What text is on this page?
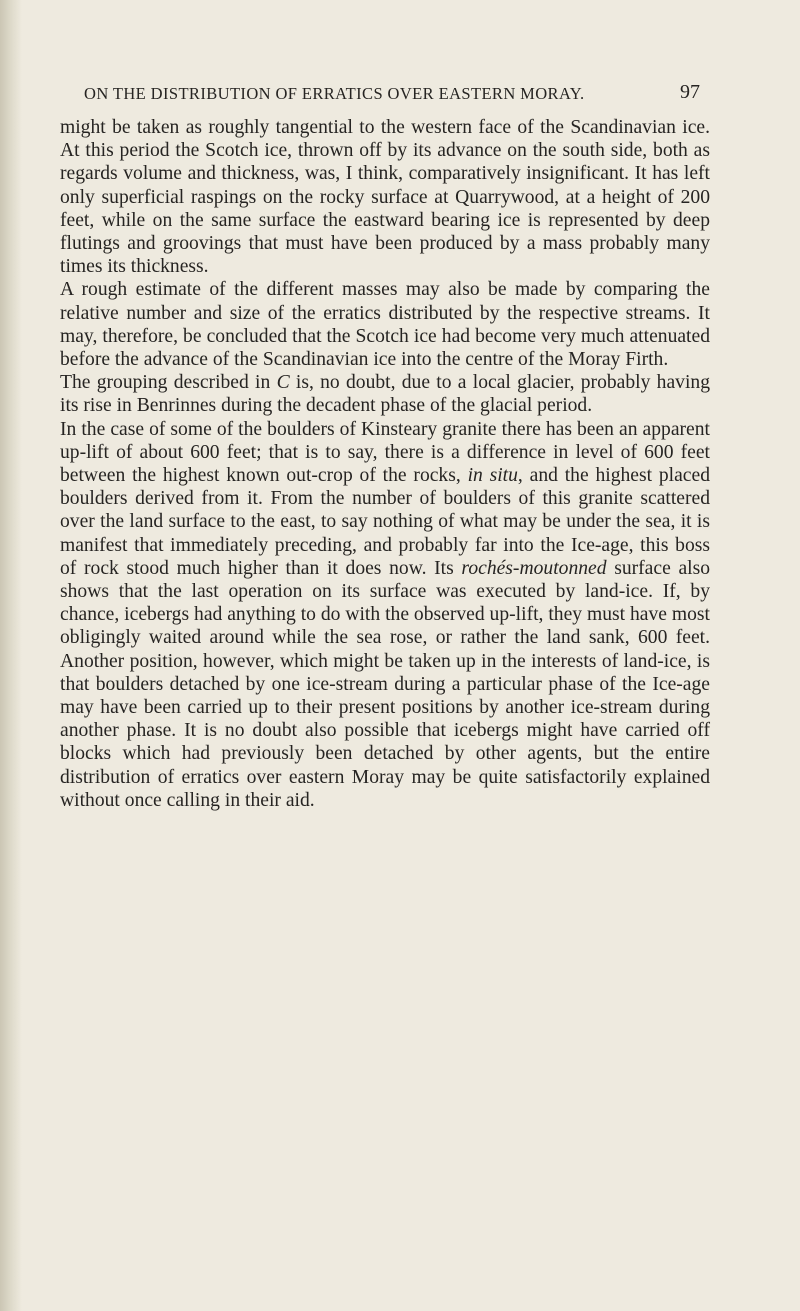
ON THE DISTRIBUTION OF ERRATICS OVER EASTERN MORAY.	97

might be taken as roughly tangential to the western face of the Scandinavian ice. At this period the Scotch ice, thrown off by its advance on the south side, both as regards volume and thickness, was, I think, comparatively insignificant. It has left only superficial raspings on the rocky surface at Quarrywood, at a height of 200 feet, while on the same surface the eastward bearing ice is represented by deep flutings and groovings that must have been produced by a mass probably many times its thickness.

A rough estimate of the different masses may also be made by comparing the relative number and size of the erratics distributed by the respective streams. It may, therefore, be concluded that the Scotch ice had become very much attenuated before the advance of the Scandinavian ice into the centre of the Moray Firth.

The grouping described in C is, no doubt, due to a local glacier, probably having its rise in Benrinnes during the decadent phase of the glacial period.

In the case of some of the boulders of Kinsteary granite there has been an apparent up-lift of about 600 feet; that is to say, there is a difference in level of 600 feet between the highest known out-crop of the rocks, in situ, and the highest placed boulders derived from it. From the number of boulders of this granite scattered over the land surface to the east, to say nothing of what may be under the sea, it is manifest that immediately preceding, and probably far into the Ice-age, this boss of rock stood much higher than it does now. Its rochés-moutonned surface also shows that the last operation on its surface was executed by land-ice. If, by chance, icebergs had anything to do with the observed up-lift, they must have most obligingly waited around while the sea rose, or rather the land sank, 600 feet. Another position, however, which might be taken up in the interests of land-ice, is that boulders detached by one ice-stream during a particular phase of the Ice-age may have been carried up to their present positions by another ice-stream during another phase. It is no doubt also possible that icebergs might have carried off blocks which had previously been detached by other agents, but the entire distribution of erratics over eastern Moray may be quite satisfactorily explained without once calling in their aid.
